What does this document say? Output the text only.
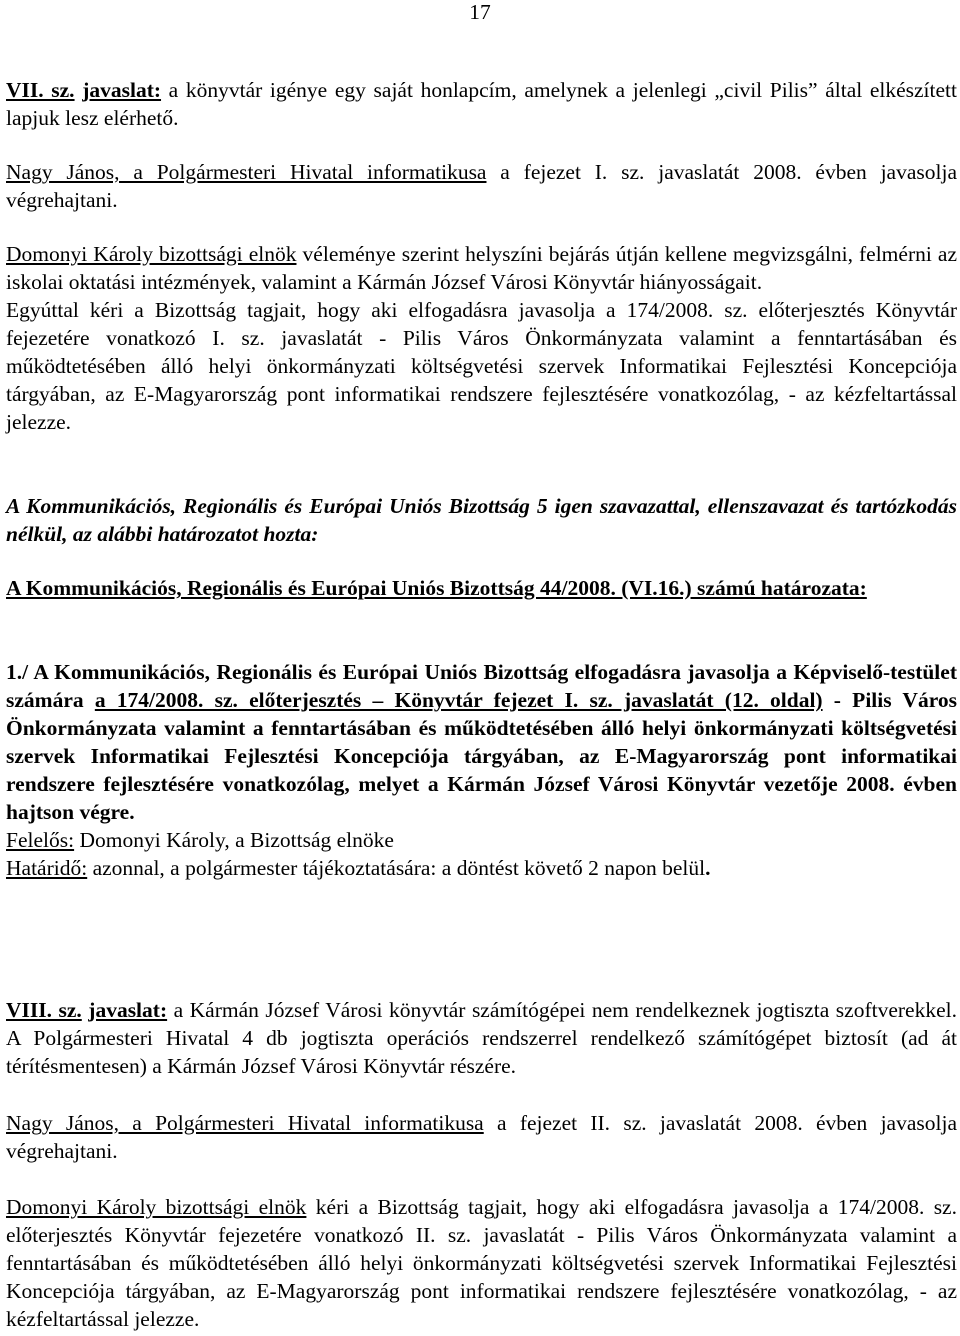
17

VII. sz. javaslat: a könyvtár igénye egy saját honlapcím, amelynek a jelenlegi „civil Pilis” által elkészített lapjuk lesz elérhető.

Nagy János, a Polgármesteri Hivatal informatikusa a fejezet I. sz. javaslatát 2008. évben javasolja végrehajtani.

Domonyi Károly bizottsági elnök véleménye szerint helyszíni bejárás útján kellene megvizsgálni, felmérni az iskolai oktatási intézmények, valamint a Kármán József Városi Könyvtár hiányosságait.

Egyúttal kéri a Bizottság tagjait, hogy aki elfogadásra javasolja a 174/2008. sz. előterjesztés Könyvtár fejezetére vonatkozó I. sz. javaslatát - Pilis Város Önkormányzata valamint a fenntartásában és működtetésében álló helyi önkormányzati költségvetési szervek Informatikai Fejlesztési Koncepciója tárgyában, az E-Magyarország pont informatikai rendszere fejlesztésére vonatkozólag, - az kézfeltartással jelezze.

A Kommunikációs, Regionális és Európai Uniós Bizottság 5 igen szavazattal, ellenszavazat és tartózkodás nélkül, az alábbi határozatot hozta:

A Kommunikációs, Regionális és Európai Uniós Bizottság 44/2008. (VI.16.) számú határozata:

1./ A Kommunikációs, Regionális és Európai Uniós Bizottság elfogadásra javasolja a Képviselő-testület számára a 174/2008. sz. előterjesztés – Könyvtár fejezet I. sz. javaslatát (12. oldal) - Pilis Város Önkormányzata valamint a fenntartásában és működtetésében álló helyi önkormányzati költségvetési szervek Informatikai Fejlesztési Koncepciója tárgyában, az E-Magyarország pont informatikai rendszere fejlesztésére vonatkozólag, melyet a Kármán József Városi Könyvtár vezetője 2008. évben hajtson végre.

Felelős: Domonyi Károly, a Bizottság elnöke

Határidő: azonnal, a polgármester tájékoztatására: a döntést követő 2 napon belül.

VIII. sz. javaslat: a Kármán József Városi könyvtár számítógépei nem rendelkeznek jogtiszta szoftverekkel. A Polgármesteri Hivatal 4 db jogtiszta operációs rendszerrel rendelkező számítógépet biztosít (ad át térítésmentesen) a Kármán József Városi Könyvtár részére.

Nagy János, a Polgármesteri Hivatal informatikusa a fejezet II. sz. javaslatát 2008. évben javasolja végrehajtani.

Domonyi Károly bizottsági elnök kéri a Bizottság tagjait, hogy aki elfogadásra javasolja a 174/2008. sz. előterjesztés Könyvtár fejezetére vonatkozó II. sz. javaslatát - Pilis Város Önkormányzata valamint a fenntartásában és működtetésében álló helyi önkormányzati költségvetési szervek Informatikai Fejlesztési Koncepciója tárgyában, az E-Magyarország pont informatikai rendszere fejlesztésére vonatkozólag, - az kézfeltartással jelezze.
